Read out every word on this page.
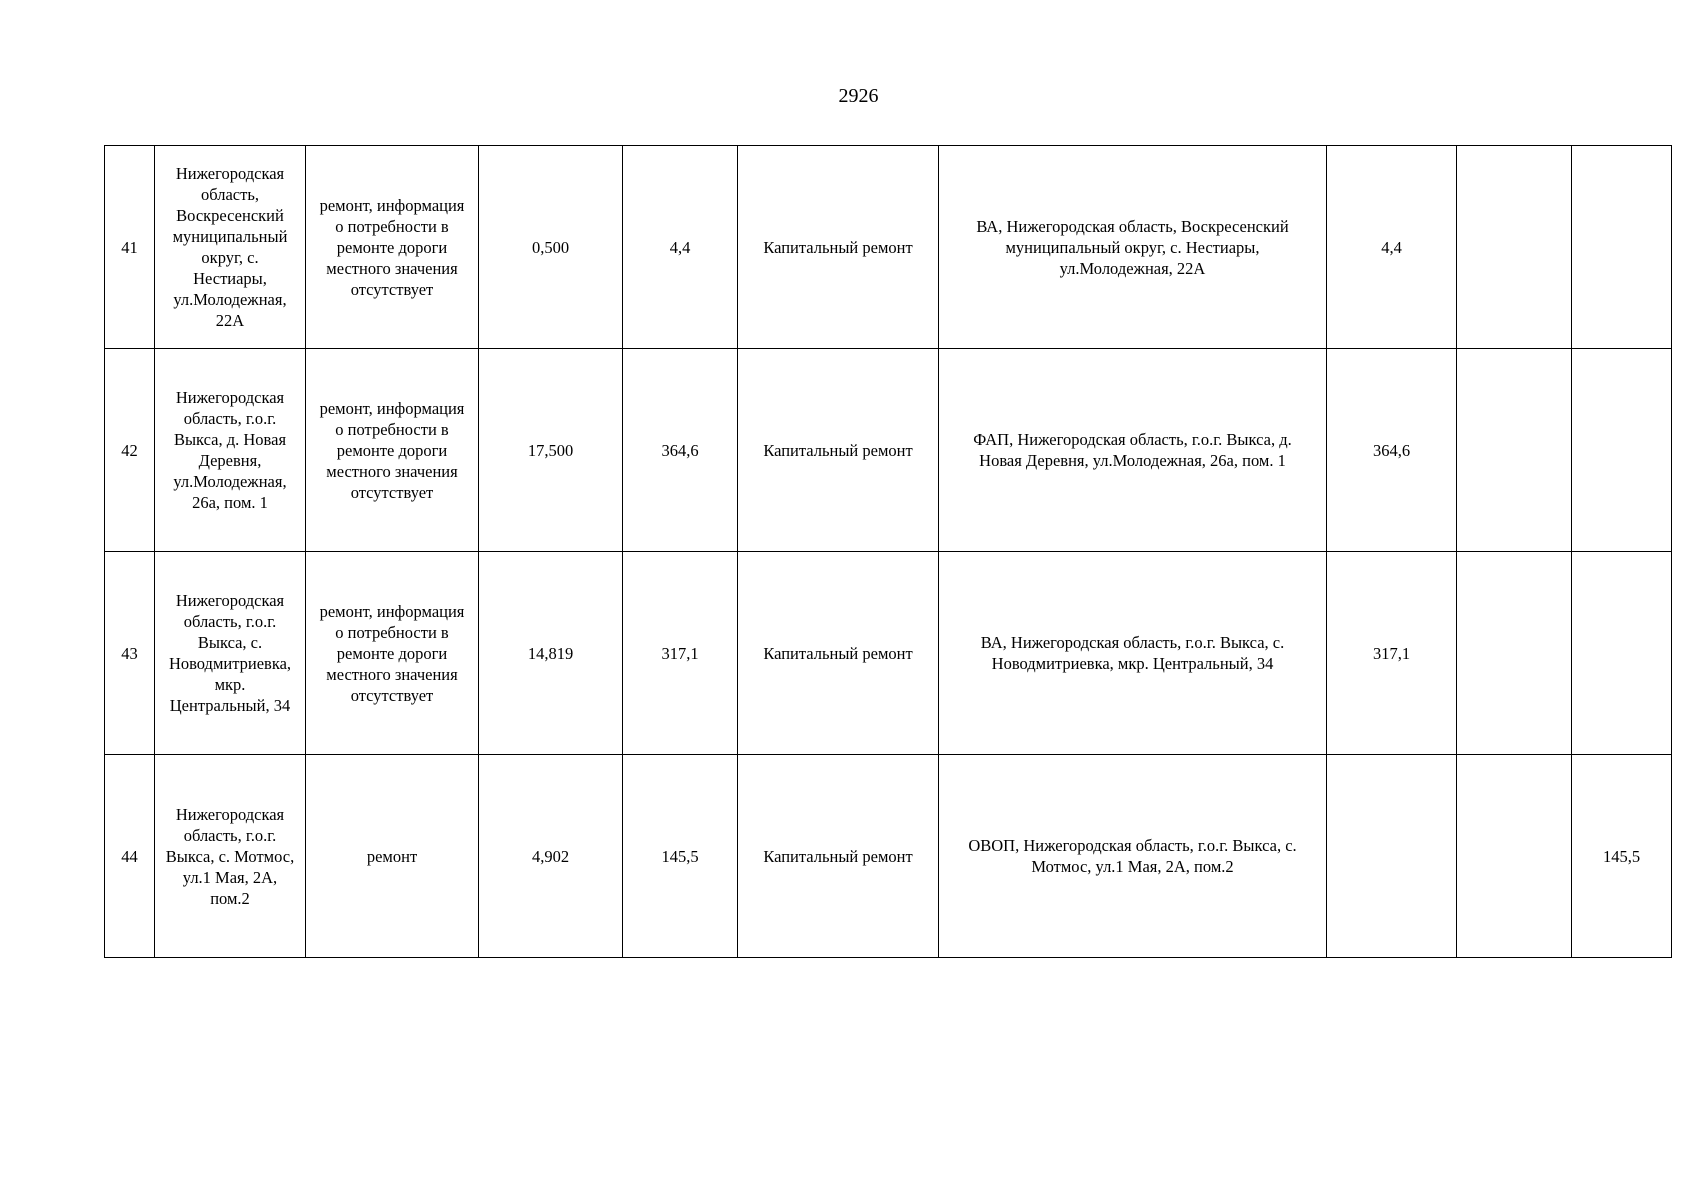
2926
41	Нижегородская область, Воскресенский муниципальный округ, с. Нестиары, ул.Молодежная, 22А	ремонт, информация о потребности в ремонте дороги местного значения отсутствует	0,500	4,4	Капитальный ремонт	ВА, Нижегородская область, Воскресенский муниципальный округ, с. Нестиары, ул.Молодежная, 22А	4,4		
42	Нижегородская область, г.о.г. Выкса, д. Новая Деревня, ул.Молодежная, 26а, пом. 1	ремонт, информация о потребности в ремонте дороги местного значения отсутствует	17,500	364,6	Капитальный ремонт	ФАП, Нижегородская область, г.о.г. Выкса, д. Новая Деревня, ул.Молодежная, 26а, пом. 1	364,6		
43	Нижегородская область, г.о.г. Выкса, с. Новодмитриевка, мкр. Центральный, 34	ремонт, информация о потребности в ремонте дороги местного значения отсутствует	14,819	317,1	Капитальный ремонт	ВА, Нижегородская область, г.о.г. Выкса, с. Новодмитриевка, мкр. Центральный, 34	317,1		
44	Нижегородская область, г.о.г. Выкса, с. Мотмос, ул.1 Мая, 2А, пом.2	ремонт	4,902	145,5	Капитальный ремонт	ОВОП, Нижегородская область, г.о.г. Выкса, с. Мотмос, ул.1 Мая, 2А, пом.2			145,5
